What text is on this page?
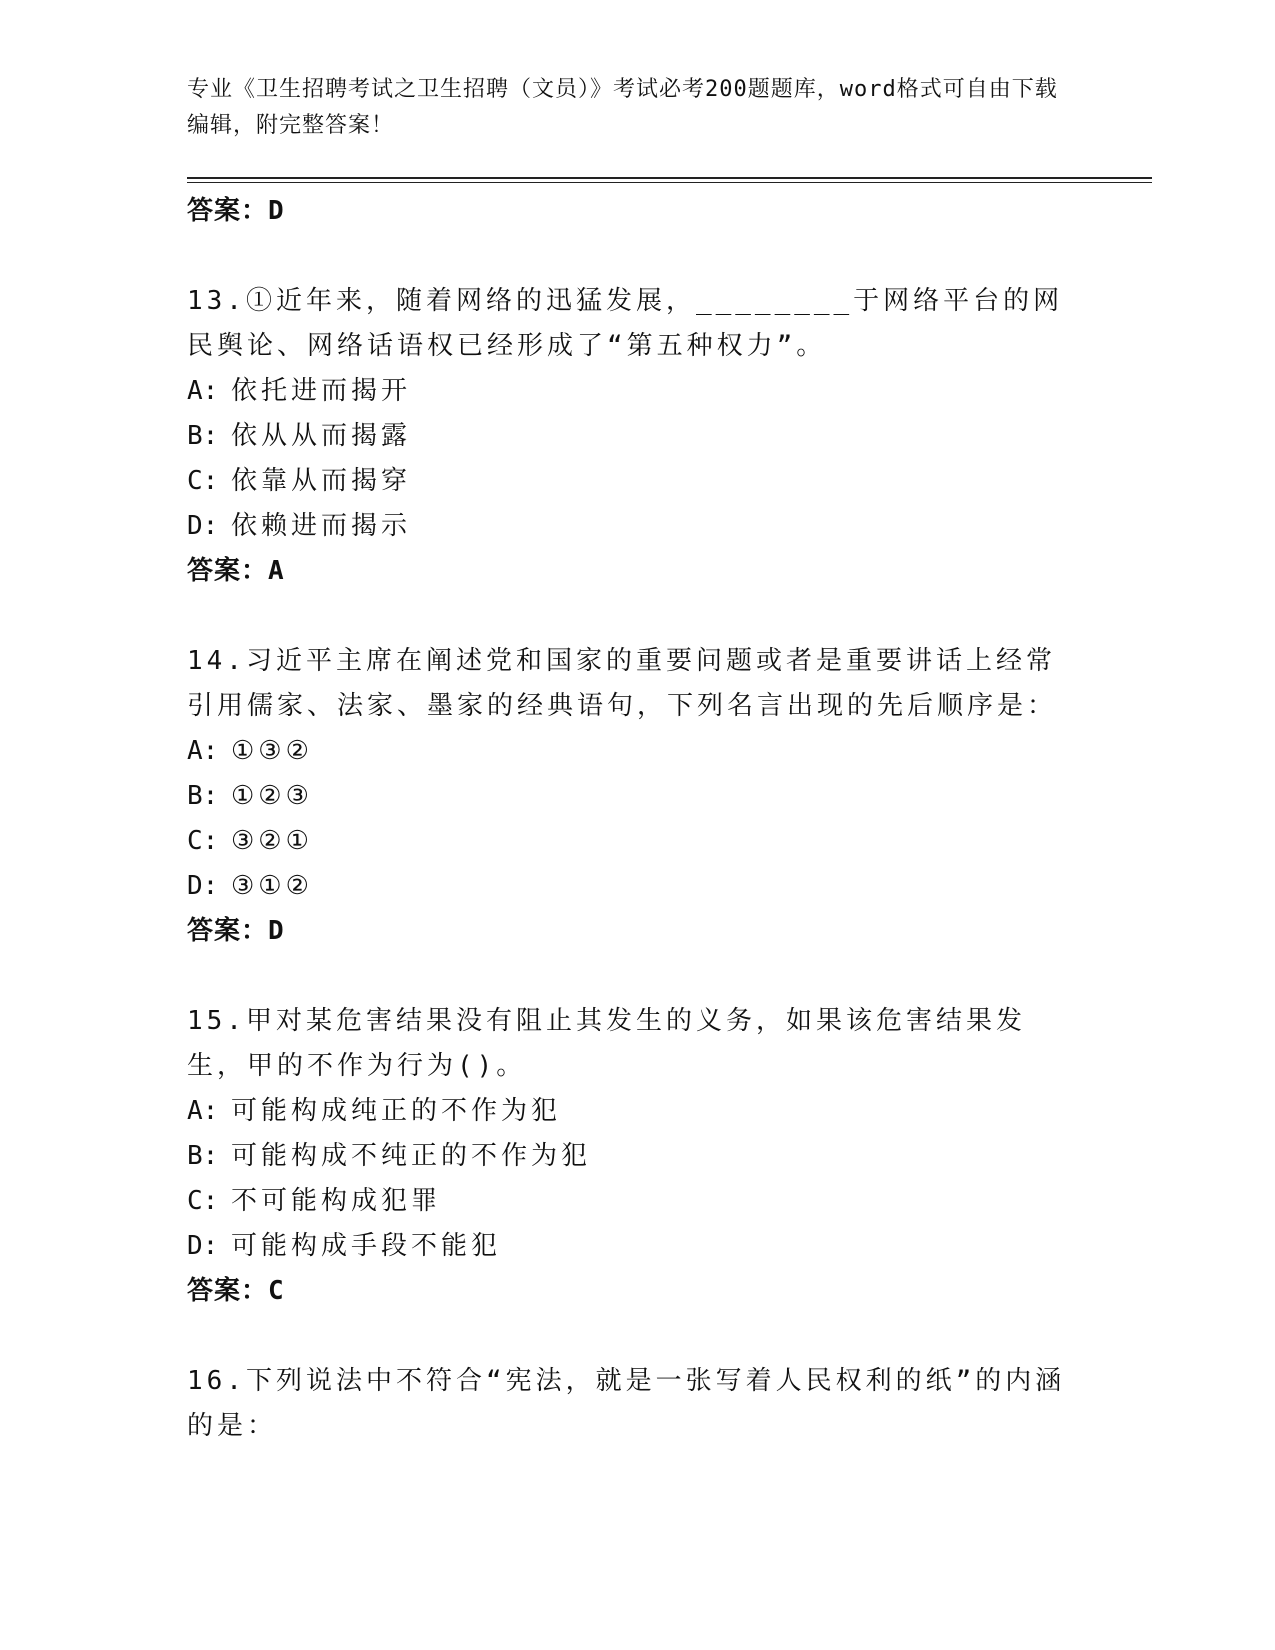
专业《卫生招聘考试之卫生招聘（文员）》考试必考200题题库，word格式可自由下载编辑，附完整答案！

答案：D

13.①近年来，随着网络的迅猛发展，________于网络平台的网民舆论、网络话语权已经形成了“第五种权力”。

A: 依托进而揭开

B: 依从从而揭露

C: 依靠从而揭穿

D: 依赖进而揭示

答案：A

14.习近平主席在阐述党和国家的重要问题或者是重要讲话上经常引用儒家、法家、墨家的经典语句，下列名言出现的先后顺序是：

A: ①③②

B: ①②③

C: ③②①

D: ③①②

答案：D

15.甲对某危害结果没有阻止其发生的义务，如果该危害结果发生，甲的不作为行为()。

A: 可能构成纯正的不作为犯

B: 可能构成不纯正的不作为犯

C: 不可能构成犯罪

D: 可能构成手段不能犯

答案：C

16.下列说法中不符合“宪法，就是一张写着人民权利的纸”的内涵的是：
